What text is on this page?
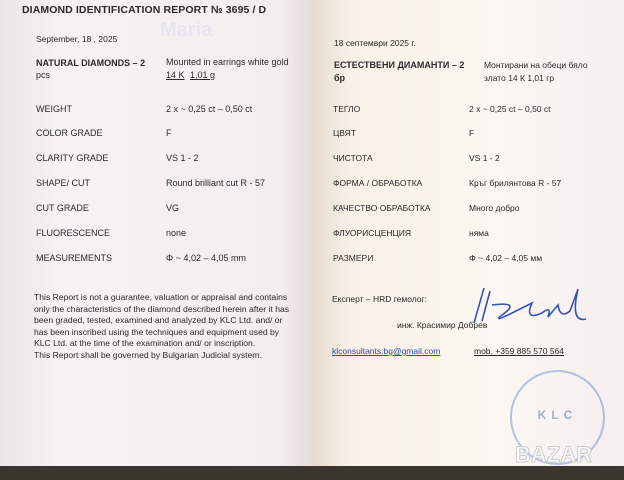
Maria
DIAMOND IDENTIFICATION REPORT № 3695 / D
September, 18 , 2025
NATURAL DIAMONDS – 2
pcs
Mounted in earrings white gold
14 K 1,01 g
WEIGHT	2 x ~ 0,25 ct – 0,50 ct
COLOR GRADE	F
CLARITY GRADE	VS 1 - 2
SHAPE/ CUT	Round brilliant cut R - 57
CUT GRADE	VG
FLUORESCENCE	none
MEASUREMENTS	Φ ~ 4,02 – 4,05 mm
This Report is not a guarantee, valuation or appraisal and contains
only the characteristics of the diamond described herein after it has
been graded, tested, examined and analyzed by KLC Ltd. and/ or
has been inscribed using the techniques and equipment used by
KLC Ltd. at the time of the examination and/ or inscription.
This Report shall be governed by Bulgarian Judicial system.
18 септември 2025 г.
ЕСТЕСТВЕНИ ДИАМАНТИ – 2
бр
Монтирани на обеци бяло
злато 14 К 1,01 гр
ТЕГЛО	2 x ~ 0,25 ct – 0,50 ct
ЦВЯТ	F
ЧИСТОТА	VS 1 - 2
ФОРМА / ОБРАБОТКА	Кръг брилянтова R - 57
КАЧЕСТВО ОБРАБОТКА	Много добро
ФЛУОРИСЦЕНЦИЯ	няма
РАЗМЕРИ	Φ ~ 4,02 – 4,05 мм
Експерт – HRD гемолог:
инж. Красимир Добрев
klconsultants.bg@gmail.com	mob. +359 885 570 564
KLC
BAZAR
